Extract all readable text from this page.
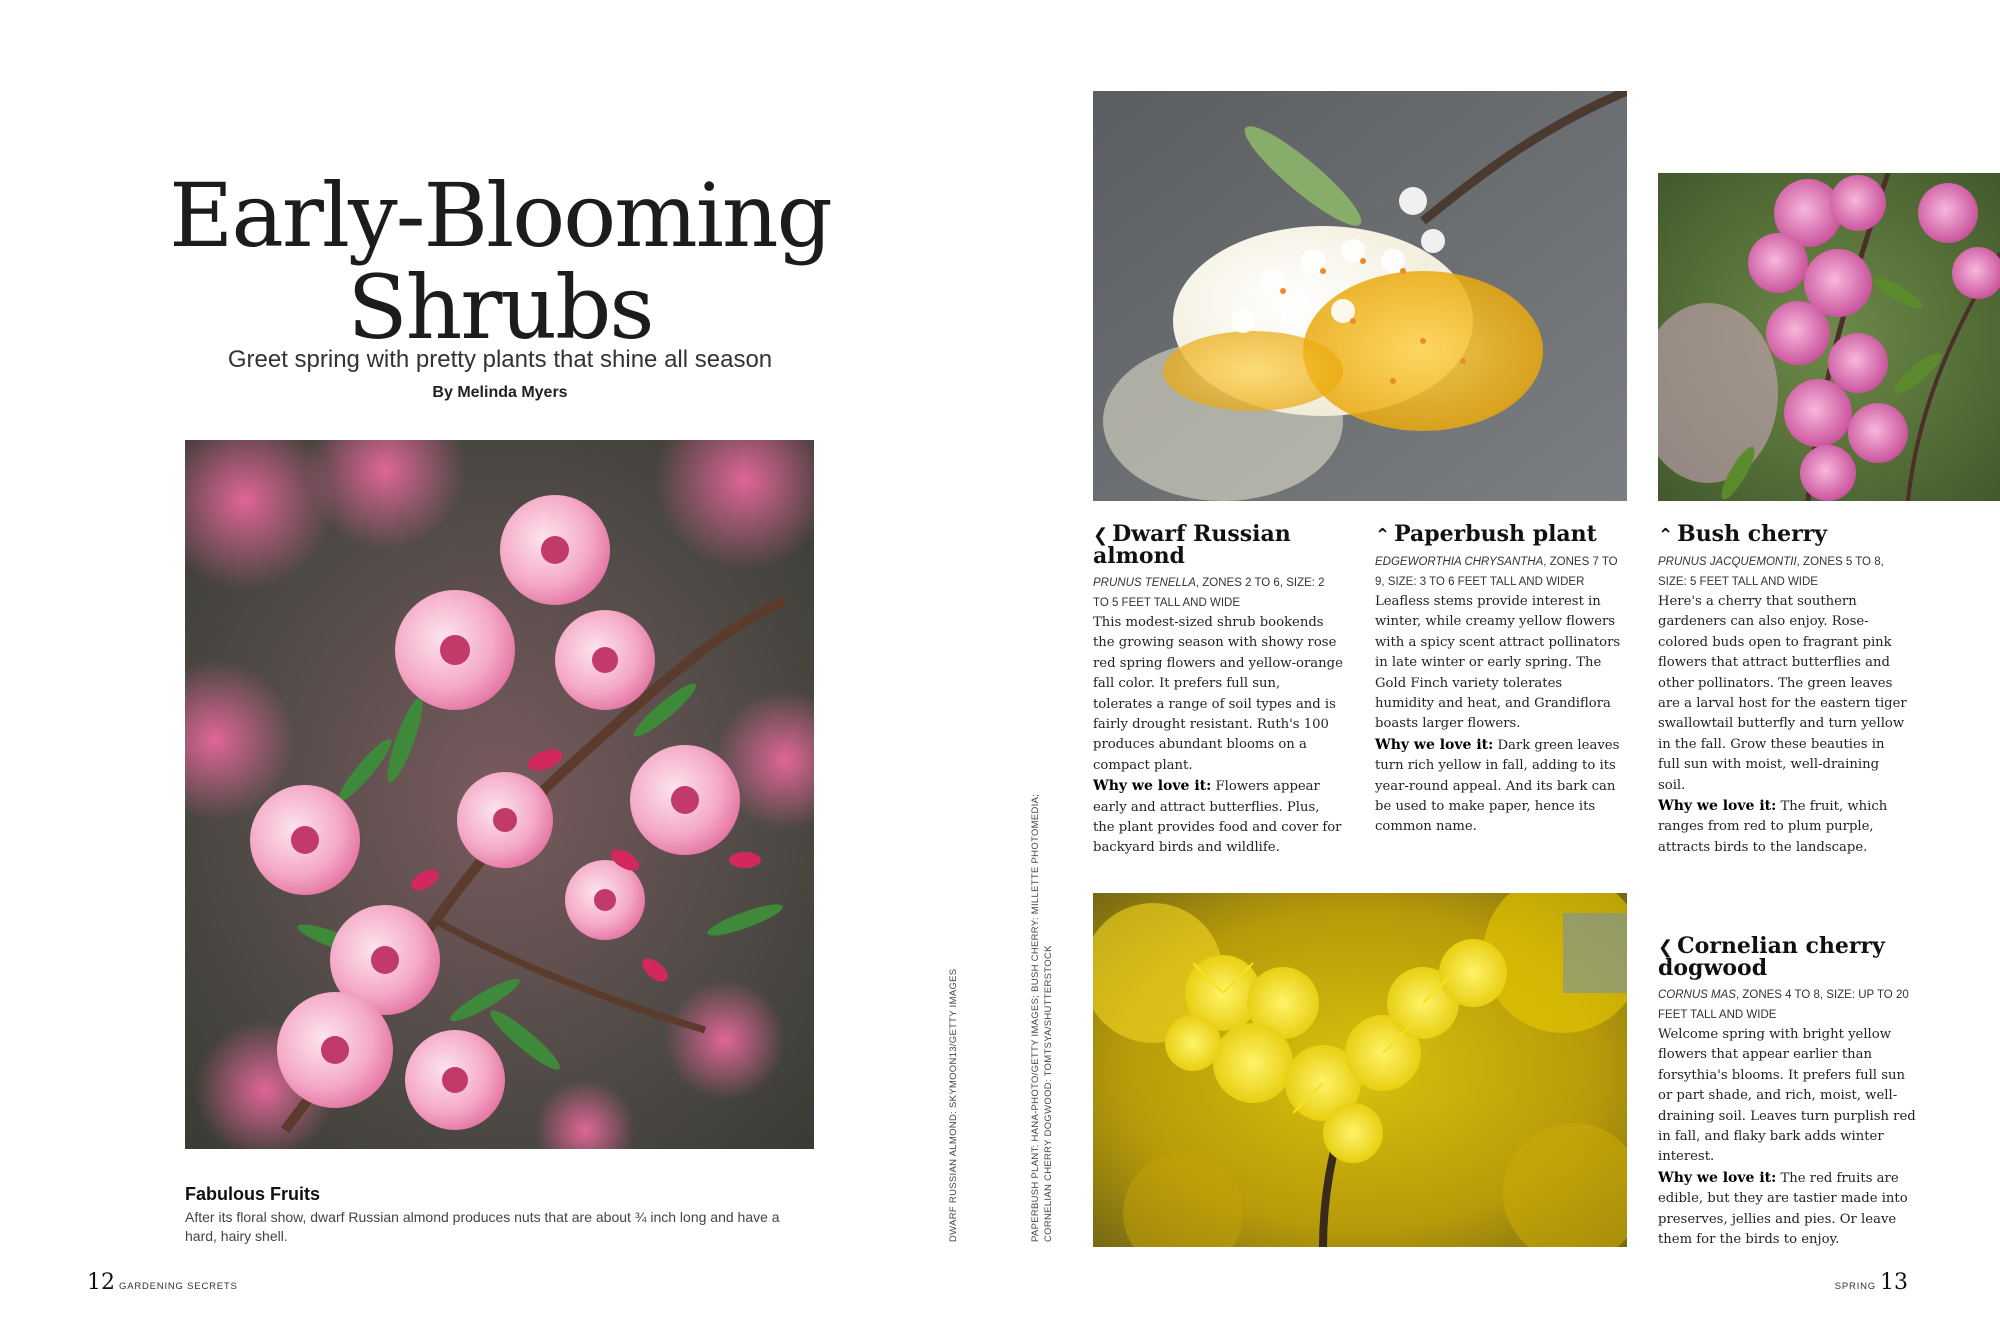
Early-Blooming
Shrubs
Greet spring with pretty plants that shine all season
By Melinda Myers
Fabulous Fruits
After its floral show, dwarf Russian almond produces nuts that are about ¾ inch long and have a hard, hairy shell.	DWARF RUSSIAN ALMOND: SKYMOON13/GETTY IMAGES	PAPERBUSH PLANT: HANA-PHOTO/GETTY IMAGES; BUSH CHERRY: MILLETTE PHOTOMEDIA; CORNELIAN CHERRY DOGWOOD: TOMTSYA/SHUTTERSTOCK
❮ Dwarf Russian almond
PRUNUS TENELLA, ZONES 2 TO 6, SIZE: 2 TO 5 FEET TALL AND WIDE
This modest-sized shrub bookends the growing season with showy rose red spring flowers and yellow-orange fall color. It prefers full sun, tolerates a range of soil types and is fairly drought resistant. Ruth's 100 produces abundant blooms on a compact plant.
Why we love it: Flowers appear early and attract butterflies. Plus, the plant provides food and cover for backyard birds and wildlife.
⌃ Paperbush plant
EDGEWORTHIA CHRYSANTHA, ZONES 7 TO 9, SIZE: 3 TO 6 FEET TALL AND WIDER
Leafless stems provide interest in winter, while creamy yellow flowers with a spicy scent attract pollinators in late winter or early spring. The Gold Finch variety tolerates humidity and heat, and Grandiflora boasts larger flowers.
Why we love it: Dark green leaves turn rich yellow in fall, adding to its year-round appeal. And its bark can be used to make paper, hence its common name.
⌃ Bush cherry
PRUNUS JACQUEMONTII, ZONES 5 TO 8, SIZE: 5 FEET TALL AND WIDE
Here's a cherry that southern gardeners can also enjoy. Rose-colored buds open to fragrant pink flowers that attract butterflies and other pollinators. The green leaves are a larval host for the eastern tiger swallowtail butterfly and turn yellow in the fall. Grow these beauties in full sun with moist, well-draining soil.
Why we love it: The fruit, which ranges from red to plum purple, attracts birds to the landscape.
❮ Cornelian cherry dogwood
CORNUS MAS, ZONES 4 TO 8, SIZE: UP TO 20 FEET TALL AND WIDE
Welcome spring with bright yellow flowers that appear earlier than forsythia's blooms. It prefers full sun or part shade, and rich, moist, well-draining soil. Leaves turn purplish red in fall, and flaky bark adds winter interest.
Why we love it: The red fruits are edible, but they are tastier made into preserves, jellies and pies. Or leave them for the birds to enjoy.
12 GARDENING SECRETS	SPRING 13
